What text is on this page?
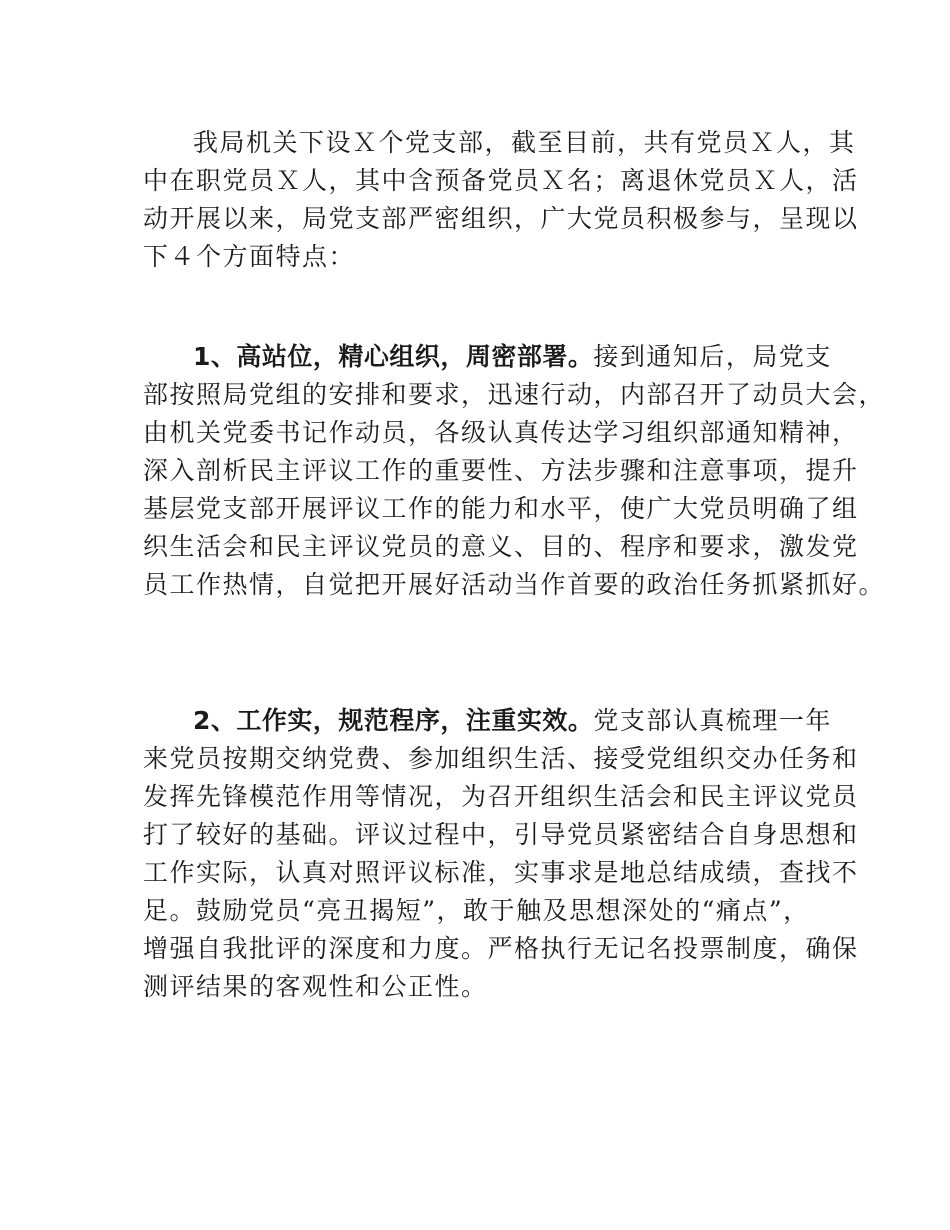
我局机关下设Ｘ个党支部，截至目前，共有党员Ｘ人，其
中在职党员Ｘ人，其中含预备党员Ｘ名；离退休党员Ｘ人，活
动开展以来，局党支部严密组织，广大党员积极参与，呈现以
下４个方面特点：

1、高站位，精心组织，周密部署。接到通知后，局党支
部按照局党组的安排和要求，迅速行动，内部召开了动员大会，
由机关党委书记作动员，各级认真传达学习组织部通知精神，
深入剖析民主评议工作的重要性、方法步骤和注意事项，提升
基层党支部开展评议工作的能力和水平，使广大党员明确了组
织生活会和民主评议党员的意义、目的、程序和要求，激发党
员工作热情，自觉把开展好活动当作首要的政治任务抓紧抓好。

2、工作实，规范程序，注重实效。党支部认真梳理一年
来党员按期交纳党费、参加组织生活、接受党组织交办任务和
发挥先锋模范作用等情况，为召开组织生活会和民主评议党员
打了较好的基础。评议过程中，引导党员紧密结合自身思想和
工作实际，认真对照评议标准，实事求是地总结成绩，查找不
足。鼓励党员“亮丑揭短”，敢于触及思想深处的“痛点”，
增强自我批评的深度和力度。严格执行无记名投票制度，确保
测评结果的客观性和公正性。
